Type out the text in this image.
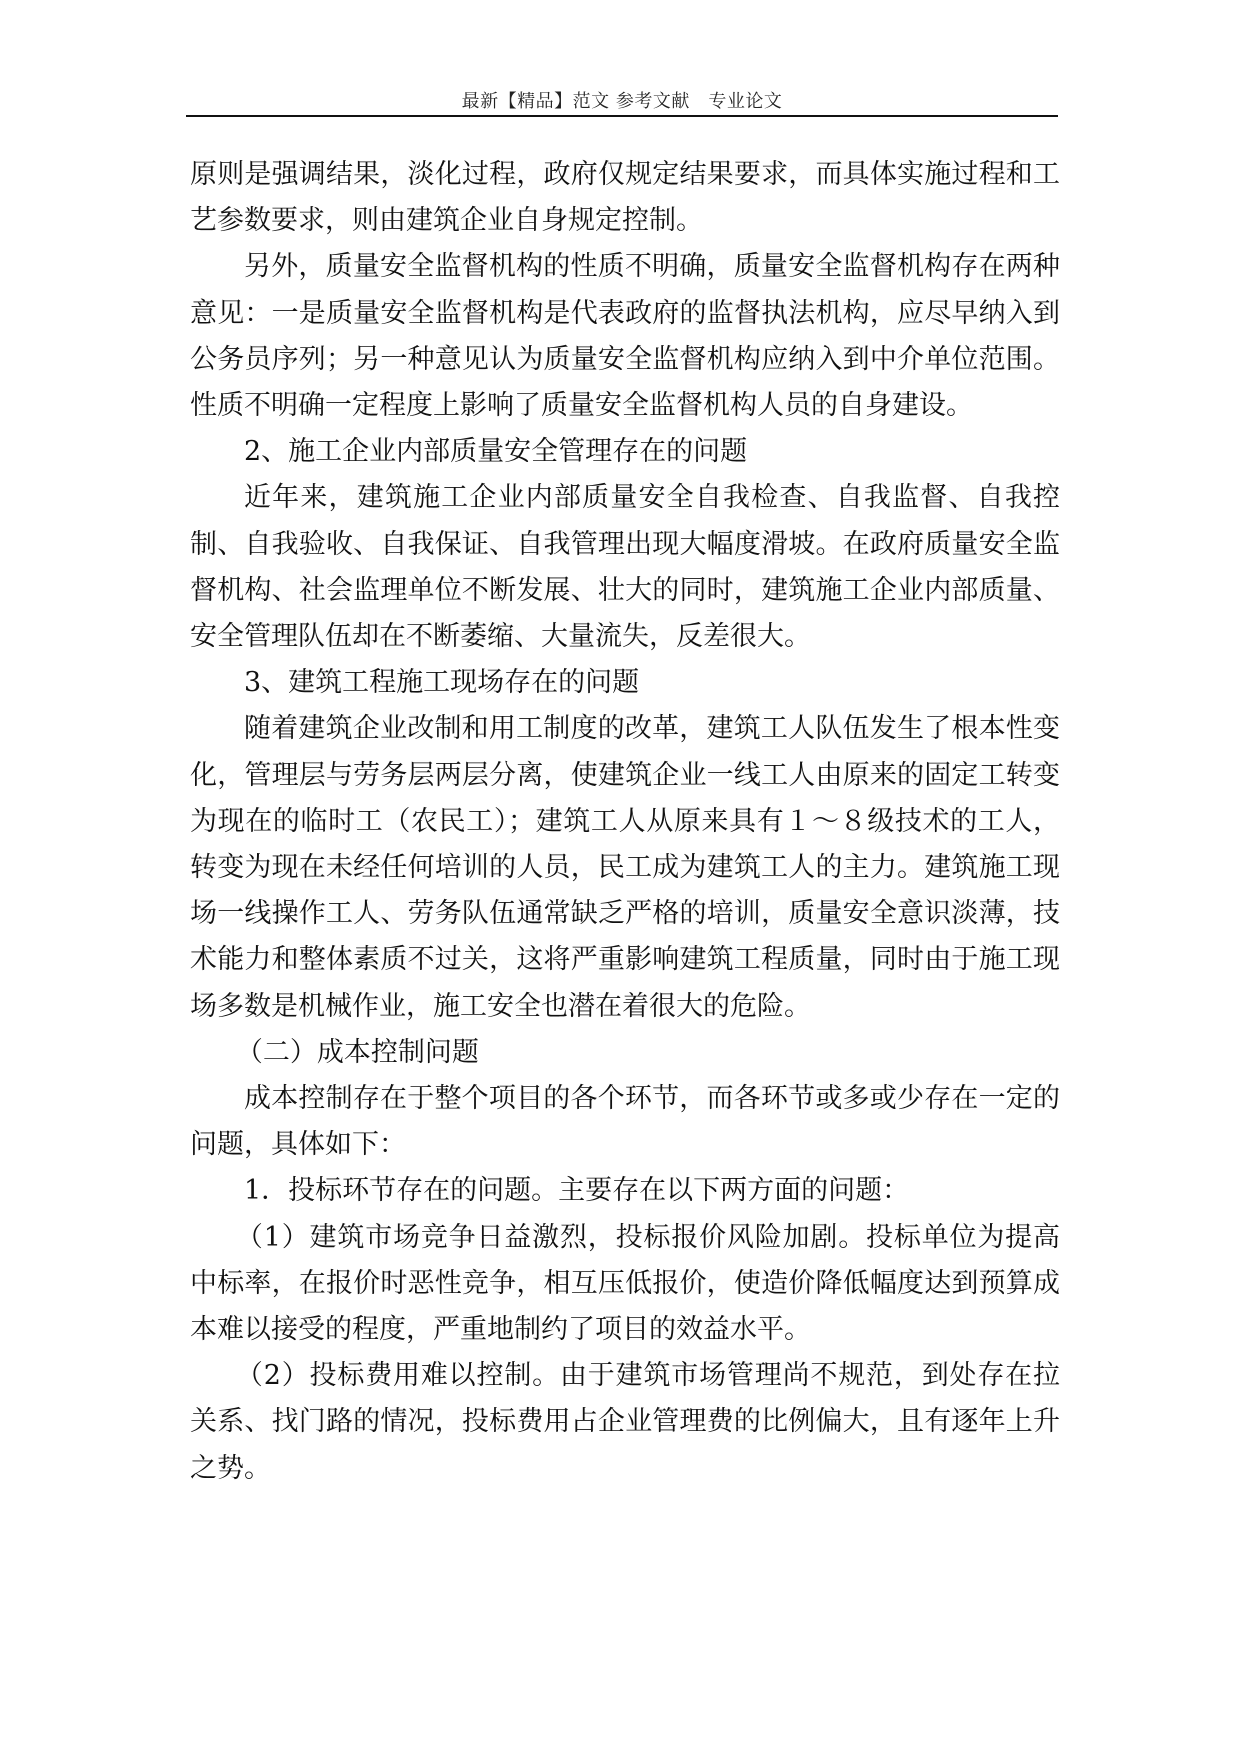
最新【精品】范文 参考文献　专业论文

原则是强调结果，淡化过程，政府仅规定结果要求，而具体实施过程和工艺参数要求，则由建筑企业自身规定控制。

另外，质量安全监督机构的性质不明确，质量安全监督机构存在两种意见：一是质量安全监督机构是代表政府的监督执法机构，应尽早纳入到公务员序列；另一种意见认为质量安全监督机构应纳入到中介单位范围。性质不明确一定程度上影响了质量安全监督机构人员的自身建设。

2、施工企业内部质量安全管理存在的问题

近年来，建筑施工企业内部质量安全自我检查、自我监督、自我控制、自我验收、自我保证、自我管理出现大幅度滑坡。在政府质量安全监督机构、社会监理单位不断发展、壮大的同时，建筑施工企业内部质量、安全管理队伍却在不断萎缩、大量流失，反差很大。

3、建筑工程施工现场存在的问题

随着建筑企业改制和用工制度的改革，建筑工人队伍发生了根本性变化，管理层与劳务层两层分离，使建筑企业一线工人由原来的固定工转变为现在的临时工（农民工）；建筑工人从原来具有１～８级技术的工人，转变为现在未经任何培训的人员，民工成为建筑工人的主力。建筑施工现场一线操作工人、劳务队伍通常缺乏严格的培训，质量安全意识淡薄，技术能力和整体素质不过关，这将严重影响建筑工程质量，同时由于施工现场多数是机械作业，施工安全也潜在着很大的危险。

（二）成本控制问题

成本控制存在于整个项目的各个环节，而各环节或多或少存在一定的问题，具体如下：

1．投标环节存在的问题。主要存在以下两方面的问题：

（1）建筑市场竞争日益激烈，投标报价风险加剧。投标单位为提高中标率，在报价时恶性竞争，相互压低报价，使造价降低幅度达到预算成本难以接受的程度，严重地制约了项目的效益水平。

（2）投标费用难以控制。由于建筑市场管理尚不规范，到处存在拉关系、找门路的情况，投标费用占企业管理费的比例偏大，且有逐年上升之势。
